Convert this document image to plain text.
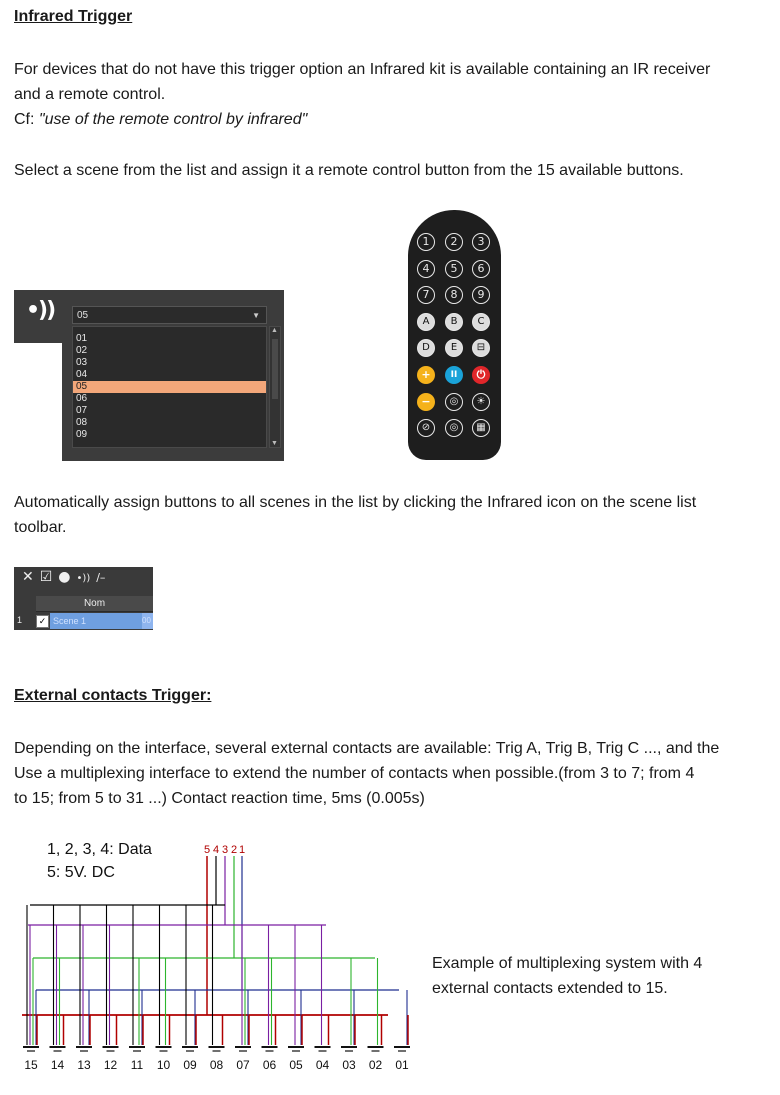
Infrared Trigger
For devices that do not have this trigger option an Infrared kit is available containing an IR receiver
and a remote control.
Cf: "use of the remote control by infrared"
Select a scene from the list and assign it a remote control button from the 15 available buttons.
•))	05	▼
01
02
03
04
05
06
07
08
09
▲
▼
1	2	3
4	5	6
7	8	9
A	B	C
D	E	⊟
+	II	⏻
−	◎	☀
⊘	◎	▦
Automatically assign buttons to all scenes in the list by clicking the Infrared icon on the scene list
toolbar.
✕ ☑ ● •)) ∕–
Nom
1	✓ Scene 1	00
External contacts Trigger:
Depending on the interface, several external contacts are available: Trig A, Trig B, Trig C ..., and the
Use a multiplexing interface to extend the number of contacts when possible.(from 3 to 7; from 4
to 15; from 5 to 31 ...) Contact reaction time, 5ms (0.005s)
1, 2, 3, 4: Data
5: 5V. DC
5 4 3 2 1
15 14 13 12 11 10 09 08 07 06 05 04 03 02 01
Example of multiplexing system with 4
external contacts extended to 15.
